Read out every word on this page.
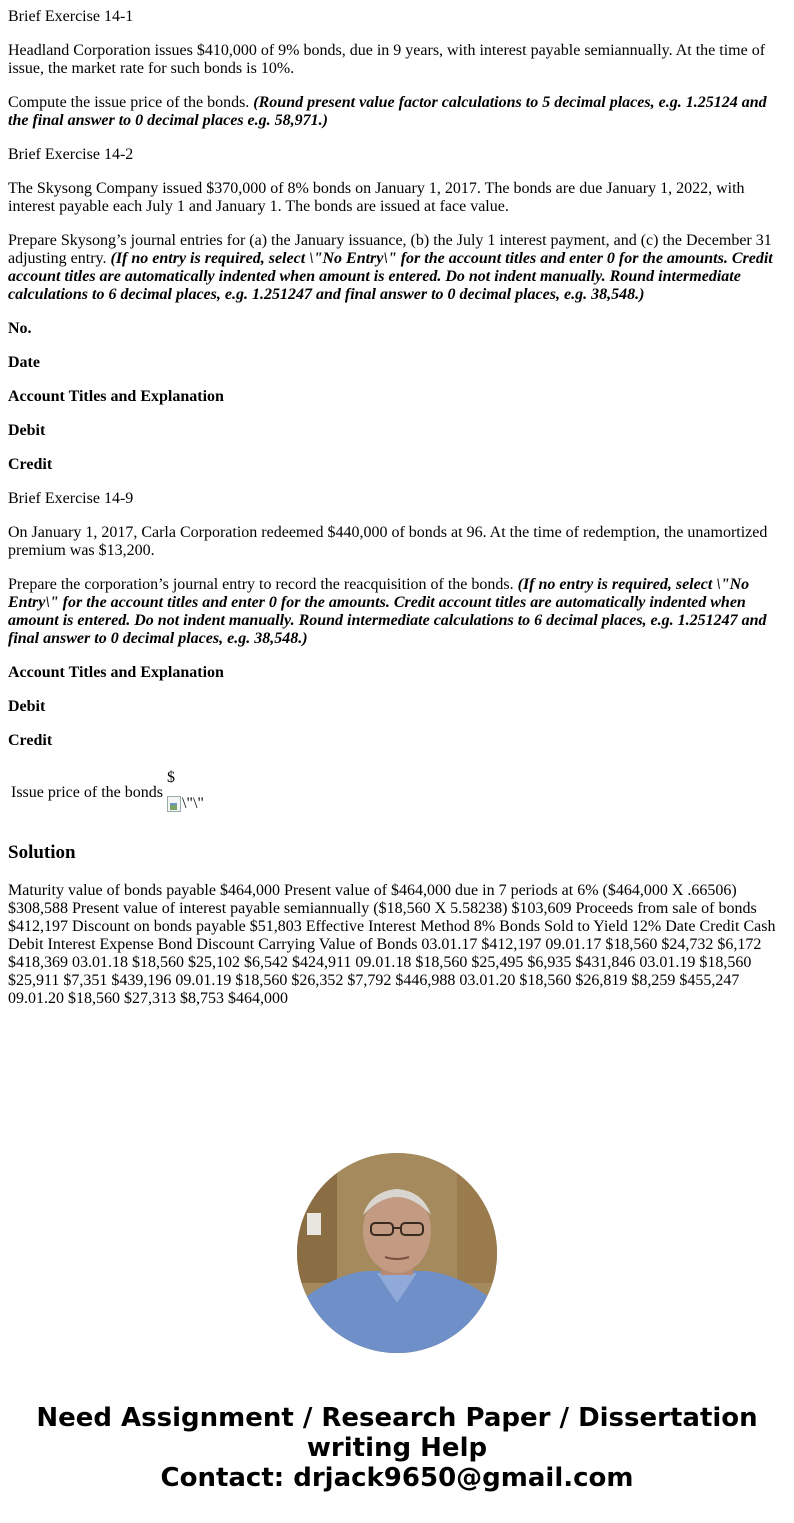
Brief Exercise 14-1

Headland Corporation issues $410,000 of 9% bonds, due in 9 years, with interest payable semiannually. At the time of issue, the market rate for such bonds is 10%.

Compute the issue price of the bonds. (Round present value factor calculations to 5 decimal places, e.g. 1.25124 and the final answer to 0 decimal places e.g. 58,971.)

Brief Exercise 14-2

The Skysong Company issued $370,000 of 8% bonds on January 1, 2017. The bonds are due January 1, 2022, with interest payable each July 1 and January 1. The bonds are issued at face value.

Prepare Skysong’s journal entries for (a) the January issuance, (b) the July 1 interest payment, and (c) the December 31 adjusting entry. (If no entry is required, select \"No Entry\" for the account titles and enter 0 for the amounts. Credit account titles are automatically indented when amount is entered. Do not indent manually. Round intermediate calculations to 6 decimal places, e.g. 1.251247 and final answer to 0 decimal places, e.g. 38,548.)

No.

Date

Account Titles and Explanation

Debit

Credit

Brief Exercise 14-9

On January 1, 2017, Carla Corporation redeemed $440,000 of bonds at 96. At the time of redemption, the unamortized premium was $13,200.

Prepare the corporation’s journal entry to record the reacquisition of the bonds. (If no entry is required, select \"No Entry\" for the account titles and enter 0 for the amounts. Credit account titles are automatically indented when amount is entered. Do not indent manually. Round intermediate calculations to 6 decimal places, e.g. 1.251247 and final answer to 0 decimal places, e.g. 38,548.)

Account Titles and Explanation

Debit

Credit

Issue price of the bonds	
$
\"\"
Solution

Maturity value of bonds payable $464,000 Present value of $464,000 due in 7 periods at 6% ($464,000 X .66506) $308,588 Present value of interest payable semiannually ($18,560 X 5.58238) $103,609 Proceeds from sale of bonds $412,197 Discount on bonds payable $51,803 Effective Interest Method 8% Bonds Sold to Yield 12% Date Credit Cash Debit Interest Expense Bond Discount Carrying Value of Bonds 03.01.17 $412,197 09.01.17 $18,560 $24,732 $6,172 $418,369 03.01.18 $18,560 $25,102 $6,542 $424,911 09.01.18 $18,560 $25,495 $6,935 $431,846 03.01.19 $18,560 $25,911 $7,351 $439,196 09.01.19 $18,560 $26,352 $7,792 $446,988 03.01.20 $18,560 $26,819 $8,259 $455,247 09.01.20 $18,560 $27,313 $8,753 $464,000

Need Assignment / Research Paper / Dissertation
writing Help
Contact: drjack9650@gmail.com
